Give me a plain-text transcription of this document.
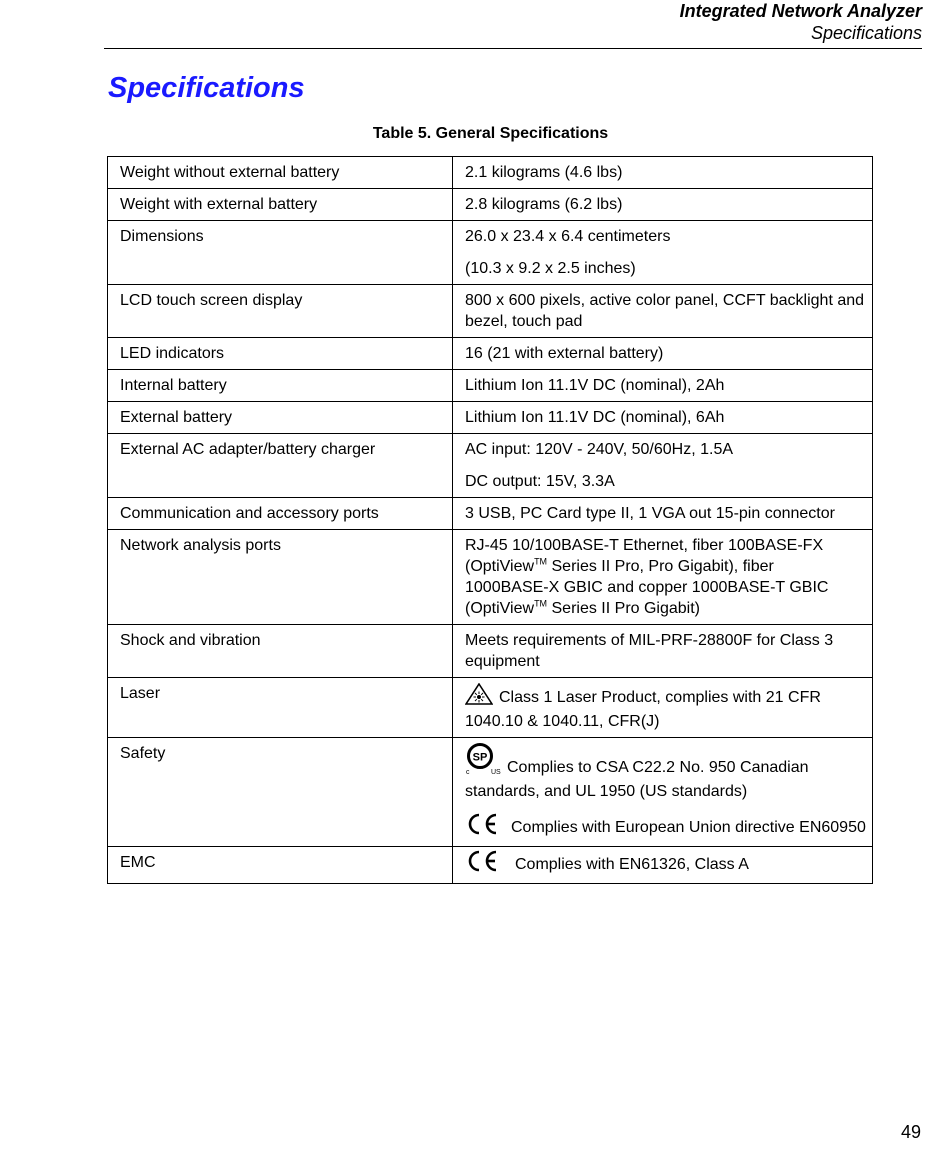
Integrated Network Analyzer
Specifications
Specifications
Table 5. General Specifications
Weight without external battery	2.1 kilograms (4.6 lbs)

Weight with external battery	2.8 kilograms (6.2 lbs)

Dimensions	26.0 x 23.4 x 6.4 centimeters
(10.3 x 9.2 x 2.5 inches)

LCD touch screen display	800 x 600 pixels, active color panel, CCFT backlight and bezel, touch pad

LED indicators	16 (21 with external battery)

Internal battery	Lithium Ion 11.1V DC (nominal), 2Ah

External battery	Lithium Ion 11.1V DC (nominal), 6Ah

External AC adapter/battery charger	AC input: 120V - 240V, 50/60Hz, 1.5A
DC output: 15V, 3.3A

Communication and accessory ports	3 USB, PC Card type II, 1 VGA out 15-pin connector

Network analysis ports	RJ-45 10/100BASE-T Ethernet, fiber 100BASE-FX
(OptiView™ Series II Pro, Pro Gigabit), fiber
1000BASE-X GBIC and copper 1000BASE-T GBIC
(OptiView™ Series II Pro Gigabit)

Shock and vibration	Meets requirements of MIL-PRF-28800F for Class 3 equipment

Laser	Class 1 Laser Product, complies with 21 CFR 1040.10 & 1040.11, CFR(J)

Safety	SP
c US Complies to CSA C22.2 No. 950 Canadian standards, and UL 1950 (US standards)
Complies with European Union directive EN60950

EMC	Complies with EN61326, Class A
49
